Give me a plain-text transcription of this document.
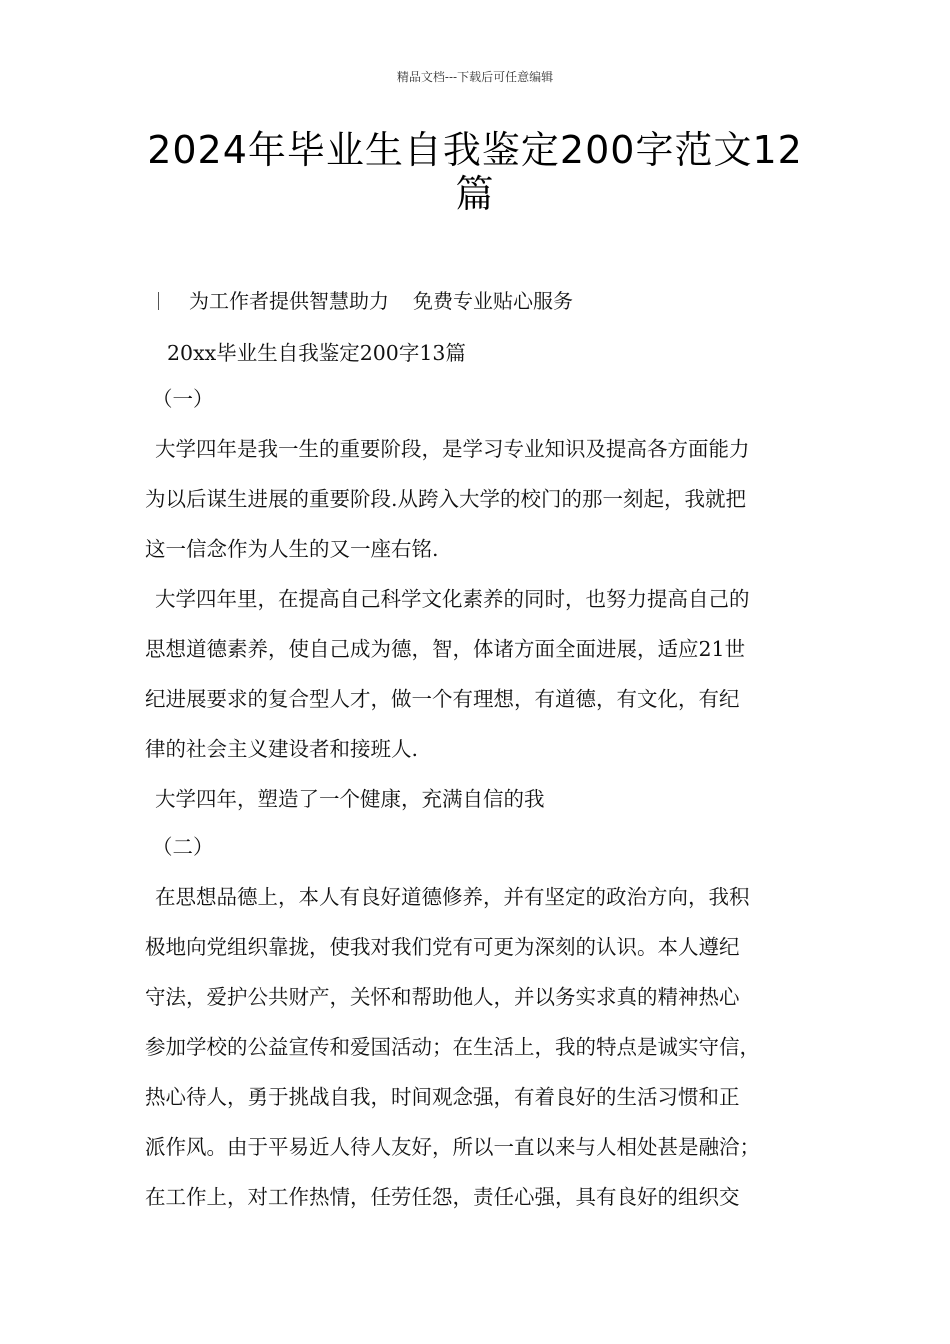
精品文档---下载后可任意编辑
2024年毕业生自我鉴定200字范文12
篇
为工作者提供智慧助力 免费专业贴心服务
20xx毕业生自我鉴定200字13篇
（一）
大学四年是我一生的重要阶段，是学习专业知识及提高各方面能力
为以后谋生进展的重要阶段.从跨入大学的校门的那一刻起，我就把
这一信念作为人生的又一座右铭.
大学四年里，在提高自己科学文化素养的同时，也努力提高自己的
思想道德素养，使自己成为德，智，体诸方面全面进展，适应21世
纪进展要求的复合型人才，做一个有理想，有道德，有文化，有纪
律的社会主义建设者和接班人.
大学四年，塑造了一个健康，充满自信的我
（二）
在思想品德上，本人有良好道德修养，并有坚定的政治方向，我积
极地向党组织靠拢，使我对我们党有可更为深刻的认识。本人遵纪
守法，爱护公共财产，关怀和帮助他人，并以务实求真的精神热心
参加学校的公益宣传和爱国活动；在生活上，我的特点是诚实守信，
热心待人，勇于挑战自我，时间观念强，有着良好的生活习惯和正
派作风。由于平易近人待人友好，所以一直以来与人相处甚是融洽；
在工作上，对工作热情，任劳任怨，责任心强，具有良好的组织交
